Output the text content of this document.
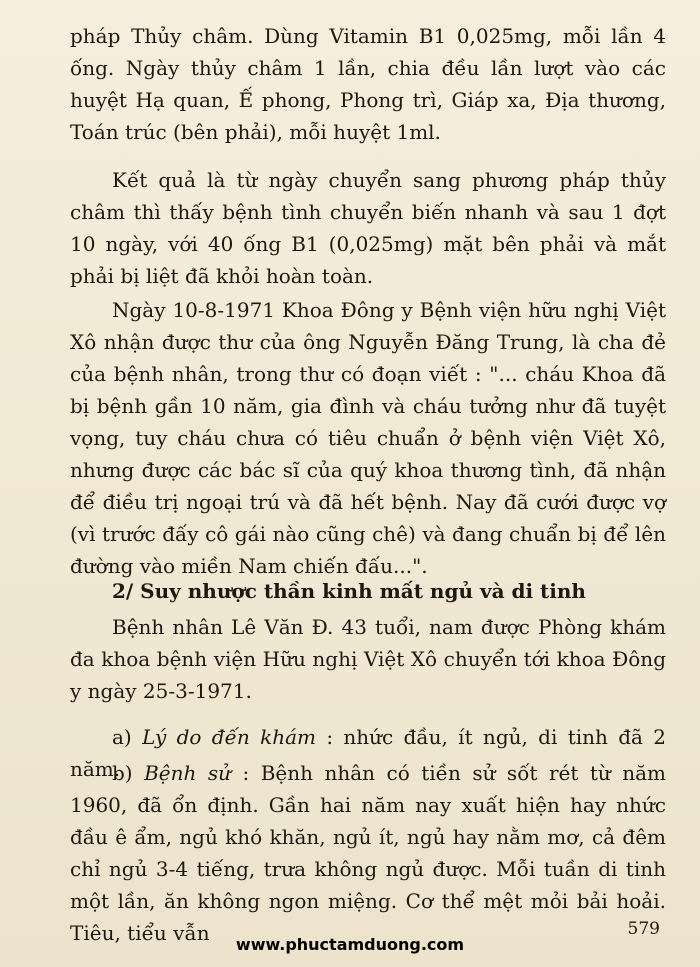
pháp Thủy châm. Dùng Vitamin B1 0,025mg, mỗi lần 4 ống. Ngày thủy châm 1 lần, chia đều lần lượt vào các huyệt Hạ quan, Ế phong, Phong trì, Giáp xa, Địa thương, Toán trúc (bên phải), mỗi huyệt 1ml.
Kết quả là từ ngày chuyển sang phương pháp thủy châm thì thấy bệnh tình chuyển biến nhanh và sau 1 đợt 10 ngày, với 40 ống B1 (0,025mg) mặt bên phải và mắt phải bị liệt đã khỏi hoàn toàn.
Ngày 10-8-1971 Khoa Đông y Bệnh viện hữu nghị Việt Xô nhận được thư của ông Nguyễn Đăng Trung, là cha đẻ của bệnh nhân, trong thư có đoạn viết : "... cháu Khoa đã bị bệnh gần 10 năm, gia đình và cháu tưởng như đã tuyệt vọng, tuy cháu chưa có tiêu chuẩn ở bệnh viện Việt Xô, nhưng được các bác sĩ của quý khoa thương tình, đã nhận để điều trị ngoại trú và đã hết bệnh. Nay đã cưới được vợ (vì trước đấy cô gái nào cũng chê) và đang chuẩn bị để lên đường vào miền Nam chiến đấu...".
2/ Suy nhược thần kinh mất ngủ và di tinh
Bệnh nhân Lê Văn Đ. 43 tuổi, nam được Phòng khám đa khoa bệnh viện Hữu nghị Việt Xô chuyển tới khoa Đông y ngày 25-3-1971.
a) Lý do đến khám : nhức đầu, ít ngủ, di tinh đã 2 năm.
b) Bệnh sử : Bệnh nhân có tiền sử sốt rét từ năm 1960, đã ổn định. Gần hai năm nay xuất hiện hay nhức đầu ê ẩm, ngủ khó khăn, ngủ ít, ngủ hay nằm mơ, cả đêm chỉ ngủ 3-4 tiếng, trưa không ngủ được. Mỗi tuần di tinh một lần, ăn không ngon miệng. Cơ thể mệt mỏi bải hoải. Tiêu, tiểu vẫn	579
www.phuctamduong.com
